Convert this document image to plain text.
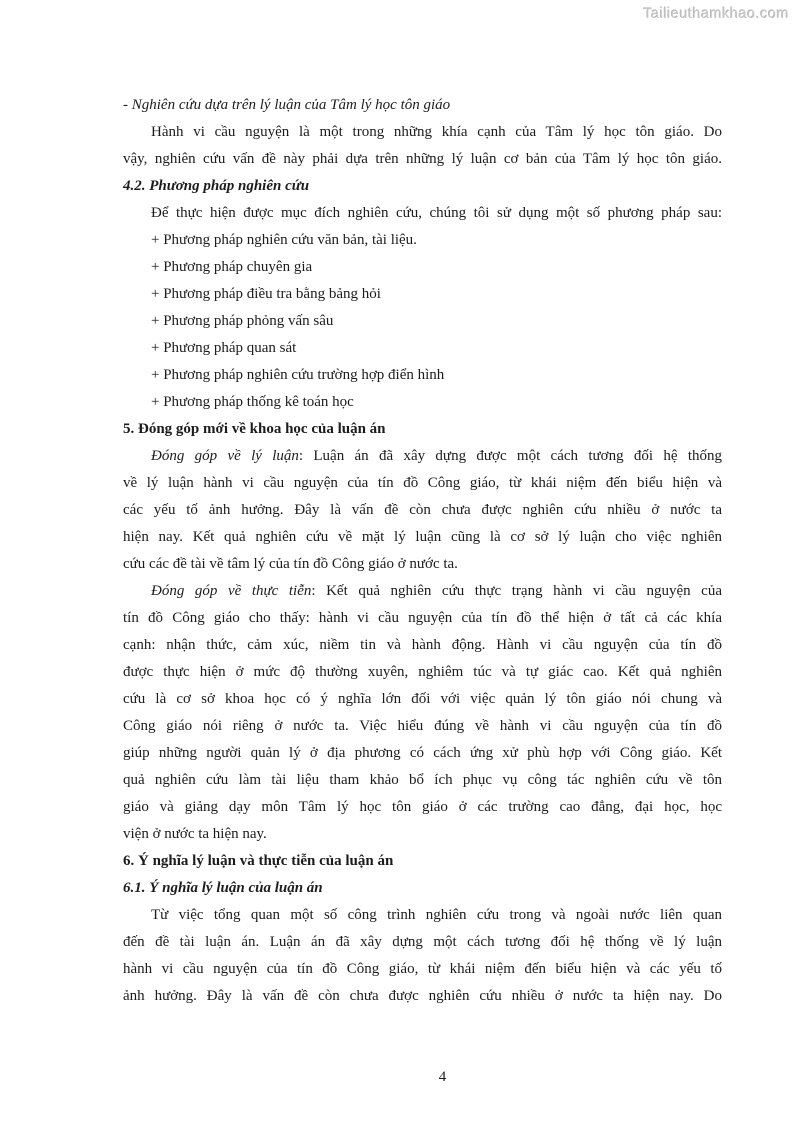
Tailieuthamkhao.com
- Nghiên cứu dựa trên lý luận của Tâm lý học tôn giáo
Hành vi cầu nguyện là một trong những khía cạnh của Tâm lý học tôn giáo. Do
vậy, nghiên cứu vấn đề này phải dựa trên những lý luận cơ bản của Tâm lý học tôn giáo.
4.2. Phương pháp nghiên cứu
Để thực hiện được mục đích nghiên cứu, chúng tôi sử dụng một số phương pháp sau:
+ Phương pháp nghiên cứu văn bản, tài liệu.
+ Phương pháp chuyên gia
+ Phương pháp điều tra bằng bảng hỏi
+ Phương pháp phỏng vấn sâu
+ Phương pháp quan sát
+ Phương pháp nghiên cứu trường hợp điển hình
+ Phương pháp thống kê toán học
5. Đóng góp mới về khoa học của luận án
Đóng góp về lý luận: Luận án đã xây dựng được một cách tương đối hệ thống
về lý luận hành vi cầu nguyện của tín đồ Công giáo, từ khái niệm đến biểu hiện và
các yếu tố ảnh hưởng. Đây là vấn đề còn chưa được nghiên cứu nhiều ở nước ta
hiện nay. Kết quả nghiên cứu về mặt lý luận cũng là cơ sở lý luận cho việc nghiên
cứu các đề tài về tâm lý của tín đồ Công giáo ở nước ta.
Đóng góp về thực tiễn: Kết quả nghiên cứu thực trạng hành vi cầu nguyện của
tín đồ Công giáo cho thấy: hành vi cầu nguyện của tín đồ thể hiện ở tất cả các khía
cạnh: nhận thức, cảm xúc, niềm tin và hành động. Hành vi cầu nguyện của tín đồ
được thực hiện ở mức độ thường xuyên, nghiêm túc và tự giác cao. Kết quả nghiên
cứu là cơ sở khoa học có ý nghĩa lớn đối với việc quản lý tôn giáo nói chung và
Công giáo nói riêng ở nước ta. Việc hiểu đúng về hành vi cầu nguyện của tín đồ
giúp những người quản lý ở địa phương có cách ứng xử phù hợp với Công giáo. Kết
quả nghiên cứu làm tài liệu tham khảo bổ ích phục vụ công tác nghiên cứu về tôn
giáo và giảng dạy môn Tâm lý học tôn giáo ở các trường cao đẳng, đại học, học
viện ở nước ta hiện nay.
6. Ý nghĩa lý luận và thực tiễn của luận án
6.1. Ý nghĩa lý luận của luận án
Từ việc tổng quan một số công trình nghiên cứu trong và ngoài nước liên quan
đến đề tài luận án. Luận án đã xây dựng một cách tương đối hệ thống về lý luận
hành vi cầu nguyện của tín đồ Công giáo, từ khái niệm đến biểu hiện và các yếu tố
ảnh hưởng. Đây là vấn đề còn chưa được nghiên cứu nhiều ở nước ta hiện nay. Do
4
